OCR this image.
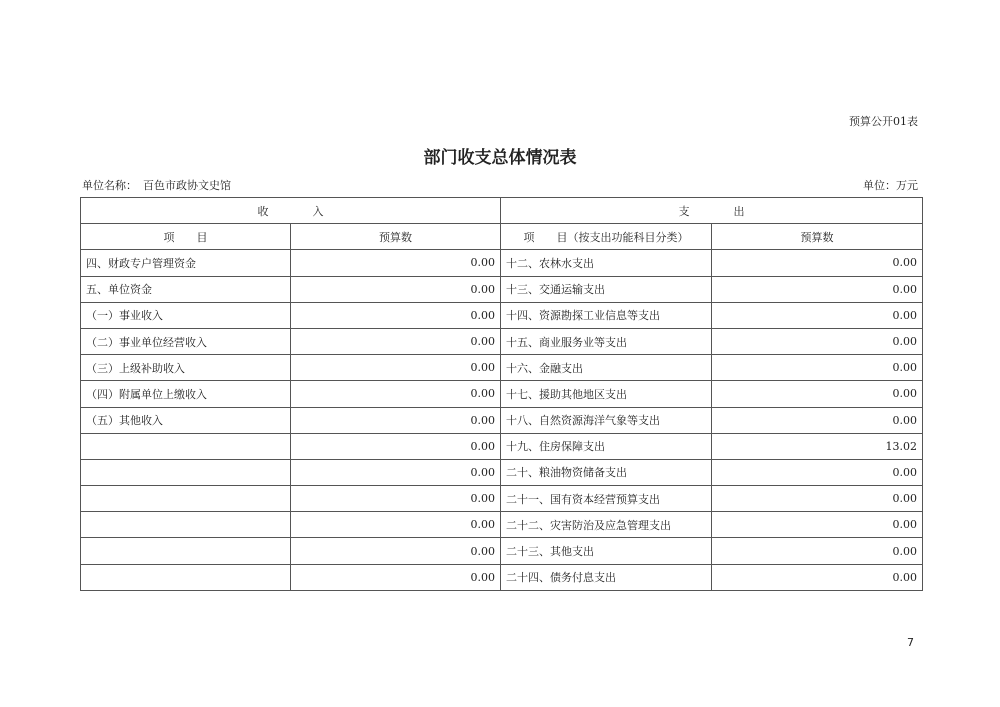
预算公开01表
部门收支总体情况表
单位名称： 百色市政协文史馆	单位：万元
收　　　　入		支　　　　出	
项　　目	预算数	项　　目（按支出功能科目分类）	预算数
四、财政专户管理资金	0.00	十二、农林水支出	0.00
五、单位资金	0.00	十三、交通运输支出	0.00
（一）事业收入	0.00	十四、资源勘探工业信息等支出	0.00
（二）事业单位经营收入	0.00	十五、商业服务业等支出	0.00
（三）上级补助收入	0.00	十六、金融支出	0.00
（四）附属单位上缴收入	0.00	十七、援助其他地区支出	0.00
（五）其他收入	0.00	十八、自然资源海洋气象等支出	0.00
	0.00	十九、住房保障支出	13.02
	0.00	二十、粮油物资储备支出	0.00
	0.00	二十一、国有资本经营预算支出	0.00
	0.00	二十二、灾害防治及应急管理支出	0.00
	0.00	二十三、其他支出	0.00
	0.00	二十四、债务付息支出	0.00
7
